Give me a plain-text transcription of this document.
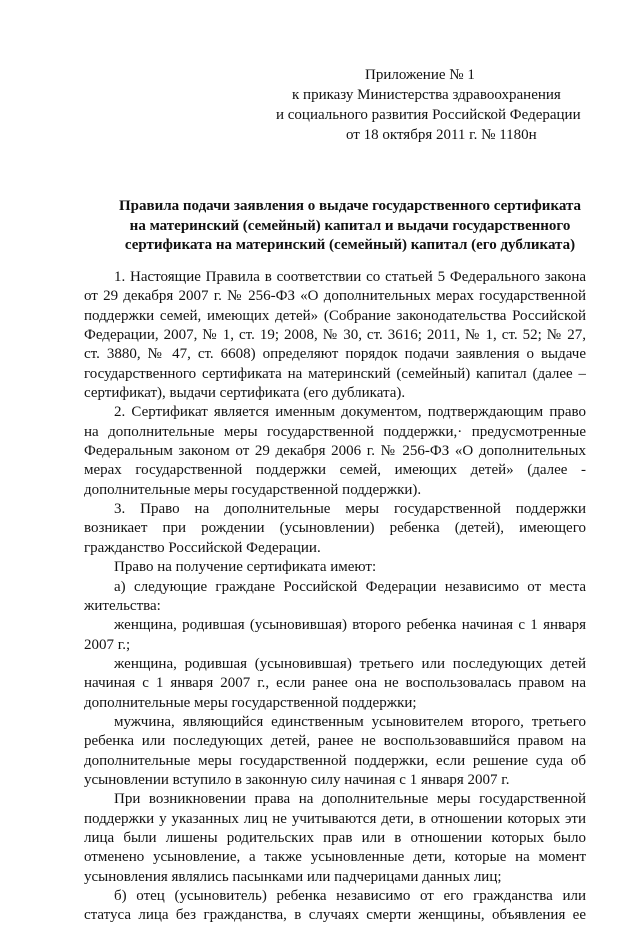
Приложение № 1
к приказу Министерства здравоохранения
и социального развития Российской Федерации
от 18 октября 2011 г. № 1180н
Правила подачи заявления о выдаче государственного сертификата
на материнский (семейный) капитал и выдачи государственного
сертификата на материнский (семейный) капитал (его дубликата)
1. Настоящие Правила в соответствии со статьей 5 Федерального закона
от 29 декабря 2007 г. № 256-ФЗ «О дополнительных мерах государственной
поддержки семей, имеющих детей» (Собрание законодательства Российской
Федерации, 2007, № 1, ст. 19; 2008, № 30, ст. 3616; 2011, № 1, ст. 52; № 27,
ст. 3880, № 47, ст. 6608) определяют порядок подачи заявления о выдаче
государственного сертификата на материнский (семейный) капитал (далее –
сертификат), выдачи сертификата (его дубликата).
2. Сертификат является именным документом, подтверждающим право
на дополнительные меры государственной поддержки,· предусмотренные
Федеральным законом от 29 декабря 2006 г. № 256-ФЗ «О дополнительных
мерах государственной поддержки семей, имеющих детей» (далее -
дополнительные меры государственной поддержки).
3. Право на дополнительные меры государственной поддержки
возникает при рождении (усыновлении) ребенка (детей), имеющего
гражданство Российской Федерации.
Право на получение сертификата имеют:
а) следующие граждане Российской Федерации независимо от места
жительства:
женщина, родившая (усыновившая) второго ребенка начиная с 1 января
2007 г.;
женщина, родившая (усыновившая) третьего или последующих детей
начиная с 1 января 2007 г., если ранее она не воспользовалась правом на
дополнительные меры государственной поддержки;
мужчина, являющийся единственным усыновителем второго, третьего
ребенка или последующих детей, ранее не воспользовавшийся правом на
дополнительные меры государственной поддержки, если решение суда об
усыновлении вступило в законную силу начиная с 1 января 2007 г.
При возникновении права на дополнительные меры государственной
поддержки у указанных лиц не учитываются дети, в отношении которых эти
лица были лишены родительских прав или в отношении которых было
отменено усыновление, а также усыновленные дети, которые на момент
усыновления являлись пасынками или падчерицами данных лиц;
б) отец (усыновитель) ребенка независимо от его гражданства или
статуса лица без гражданства, в случаях смерти женщины, объявления ее
